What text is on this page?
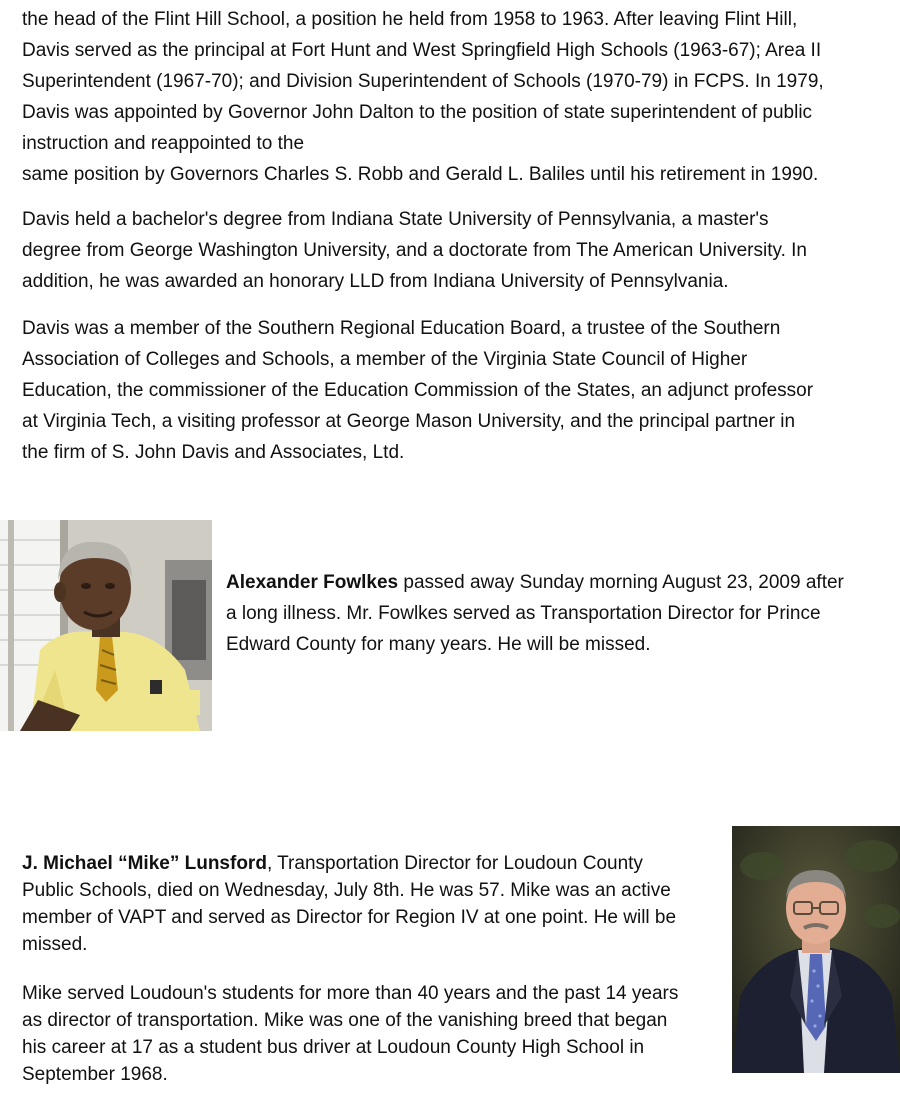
the head of the Flint Hill School, a position he held from 1958 to 1963. After leaving Flint Hill,
Davis served as the principal at Fort Hunt and West Springfield High Schools (1963-67); Area II
Superintendent (1967-70); and Division Superintendent of Schools (1970-79) in FCPS. In 1979,
Davis was appointed by Governor John Dalton to the position of state superintendent of public
instruction and reappointed to the
same position by Governors Charles S. Robb and Gerald L. Baliles until his retirement in 1990.
Davis held a bachelor's degree from Indiana State University of Pennsylvania, a master's
degree from George Washington University, and a doctorate from The American University. In
addition, he was awarded an honorary LLD from Indiana University of Pennsylvania.
Davis was a member of the Southern Regional Education Board, a trustee of the Southern
Association of Colleges and Schools, a member of the Virginia State Council of Higher
Education, the commissioner of the Education Commission of the States, an adjunct professor
at Virginia Tech, a visiting professor at George Mason University, and the principal partner in
the firm of S. John Davis and Associates, Ltd.
Alexander Fowlkes passed away Sunday morning August 23, 2009 after
a long illness. Mr. Fowlkes served as Transportation Director for Prince
Edward County for many years. He will be missed.
J. Michael “Mike” Lunsford, Transportation Director for Loudoun County
Public Schools, died on Wednesday, July 8th. He was 57. Mike was an active
member of VAPT and served as Director for Region IV at one point. He will be
missed.
Mike served Loudoun's students for more than 40 years and the past 14 years
as director of transportation. Mike was one of the vanishing breed that began
his career at 17 as a student bus driver at Loudoun County High School in
September 1968.
